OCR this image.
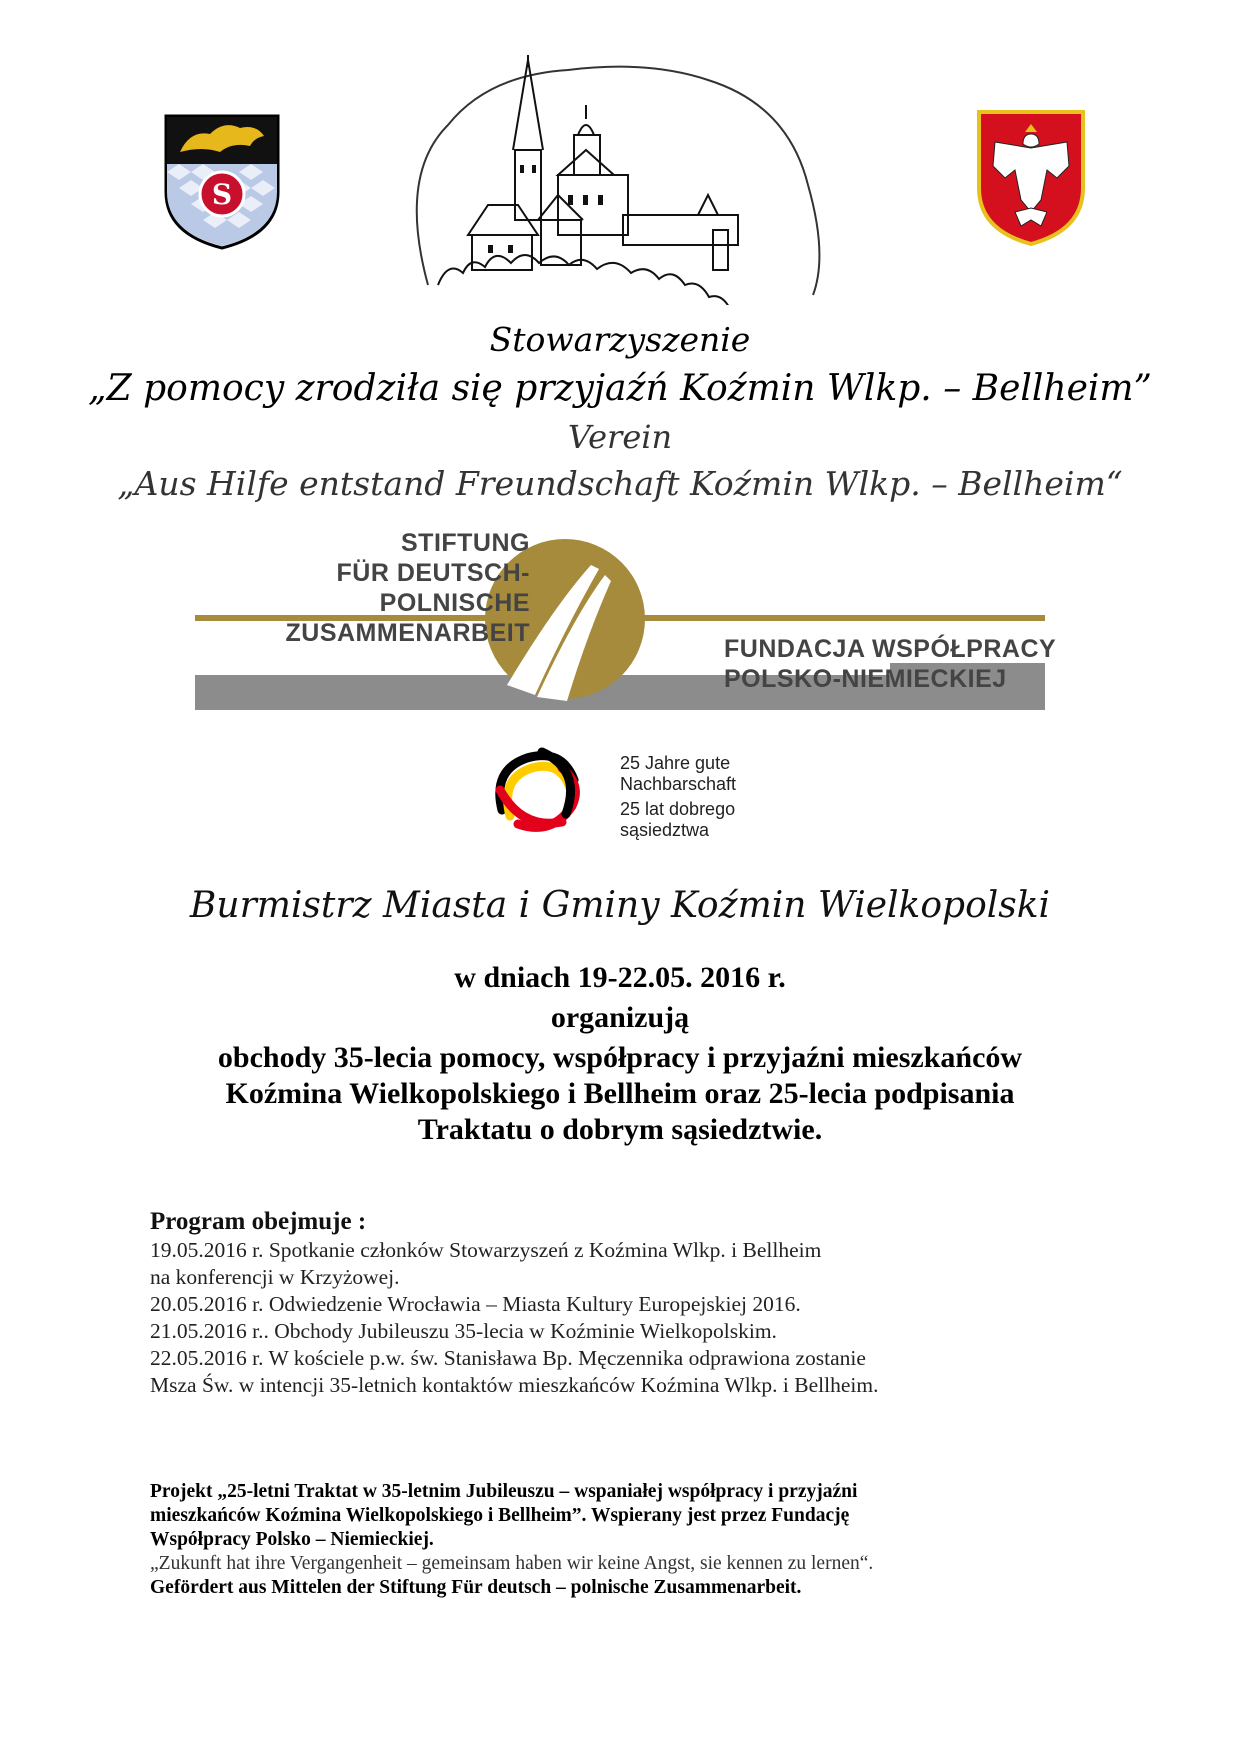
S
Stowarzyszenie
„Z pomocy zrodziła się przyjaźń Koźmin Wlkp. – Bellheim”
Verein
„Aus Hilfe entstand Freundschaft Koźmin Wlkp. – Bellheim“
STIFTUNG
FÜR DEUTSCH-POLNISCHE
ZUSAMMENARBEIT
FUNDACJA WSPÓŁPRACY
POLSKO-NIEMIECKIEJ
25 Jahre gute
Nachbarschaft
25 lat dobrego
sąsiedztwa
Burmistrz Miasta i Gminy Koźmin Wielkopolski
w dniach 19-22.05. 2016 r.
organizują
obchody 35-lecia pomocy, współpracy i przyjaźni mieszkańców
Koźmina Wielkopolskiego i Bellheim oraz 25-lecia podpisania
Traktatu o dobrym sąsiedztwie.
Program obejmuje :
19.05.2016 r. Spotkanie członków Stowarzyszeń z Koźmina Wlkp. i Bellheim
na konferencji w Krzyżowej.
20.05.2016 r. Odwiedzenie Wrocławia – Miasta Kultury Europejskiej 2016.
21.05.2016 r.. Obchody Jubileuszu 35-lecia w Koźminie Wielkopolskim.
22.05.2016 r. W kościele p.w. św. Stanisława Bp. Męczennika odprawiona zostanie
Msza Św. w intencji 35-letnich kontaktów mieszkańców Koźmina Wlkp. i Bellheim.
Projekt „25-letni Traktat w 35-letnim Jubileuszu – wspaniałej współpracy i przyjaźni
mieszkańców Koźmina Wielkopolskiego i Bellheim”. Wspierany jest przez Fundację
Współpracy Polsko – Niemieckiej.
„Zukunft hat ihre Vergangenheit – gemeinsam haben wir keine Angst, sie kennen zu lernen“.
Gefördert aus Mittelen der Stiftung Für deutsch – polnische Zusammenarbeit.
